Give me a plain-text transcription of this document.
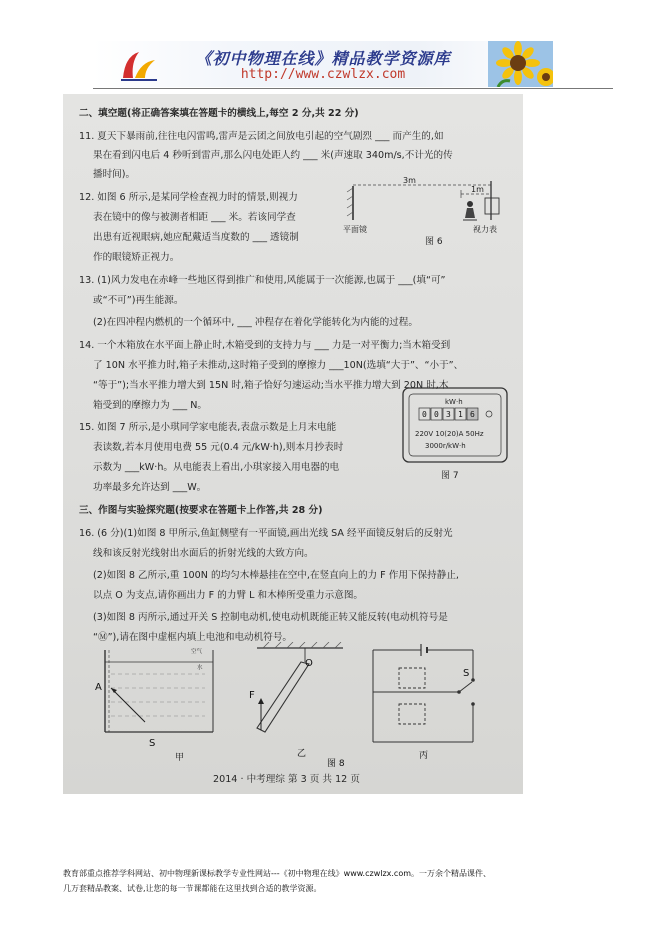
《初中物理在线》精品教学资源库
http://www.czwlzx.com
二、填空题(将正确答案填在答题卡的横线上,每空 2 分,共 22 分)
11. 夏天下暴雨前,往往电闪雷鸣,雷声是云团之间放电引起的空气剧烈 ___ 而产生的,如
果在看到闪电后 4 秒听到雷声,那么闪电处距人约 ___ 米(声速取 340m/s,不计光的传
播时间)。
12. 如图 6 所示,是某同学检查视力时的情景,则视力
表在镜中的像与被测者相距 ___ 米。若该同学查
出患有近视眼病,她应配戴适当度数的 ___ 透镜制
作的眼镜矫正视力。
3m
1m
平面镜	视力表
图 6
13. (1)风力发电在赤峰一些地区得到推广和使用,风能属于一次能源,也属于 ___(填“可”
或“不可”)再生能源。
(2)在四冲程内燃机的一个循环中, ___ 冲程存在着化学能转化为内能的过程。
14. 一个木箱放在水平面上静止时,木箱受到的支持力与 ___ 力是一对平衡力;当木箱受到
了 10N 水平推力时,箱子未推动,这时箱子受到的摩擦力 ___10N(选填“大于”、“小于”、
“等于”);当水平推力增大到 15N 时,箱子恰好匀速运动;当水平推力增大到 20N 时,木
箱受到的摩擦力为 ___ N。
15. 如图 7 所示,是小琪同学家电能表,表盘示数是上月末电能
表读数,若本月使用电费 55 元(0.4 元/kW·h),则本月抄表时
示数为 ___kW·h。从电能表上看出,小琪家接入用电器的电
功率最多允许达到 ___W。
kW·h
0 0 3 1 6
220V 10(20)A 50Hz
3000r/kW·h
图 7
三、作图与实验探究题(按要求在答题卡上作答,共 28 分)
16. (6 分)(1)如图 8 甲所示,鱼缸侧壁有一平面镜,画出光线 SA 经平面镜反射后的反射光
线和该反射光线射出水面后的折射光线的大致方向。
(2)如图 8 乙所示,重 100N 的均匀木棒悬挂在空中,在竖直向上的力 F 作用下保持静止,
以点 O 为支点,请你画出力 F 的力臂 L 和木棒所受重力示意图。
(3)如图 8 丙所示,通过开关 S 控制电动机,使电动机既能正转又能反转(电动机符号是
“Ⓜ”),请在图中虚框内填上电池和电动机符号。
A
S
空气
水
甲
O
F
乙
图 8
S
丙
2014 · 中考理综 第 3 页 共 12 页
教育部重点推荐学科网站、初中物理新课标教学专业性网站---《初中物理在线》www.czwlzx.com。一万余个精品课件、
几万套精品教案、试卷,让您的每一节课都能在这里找到合适的教学资源。
